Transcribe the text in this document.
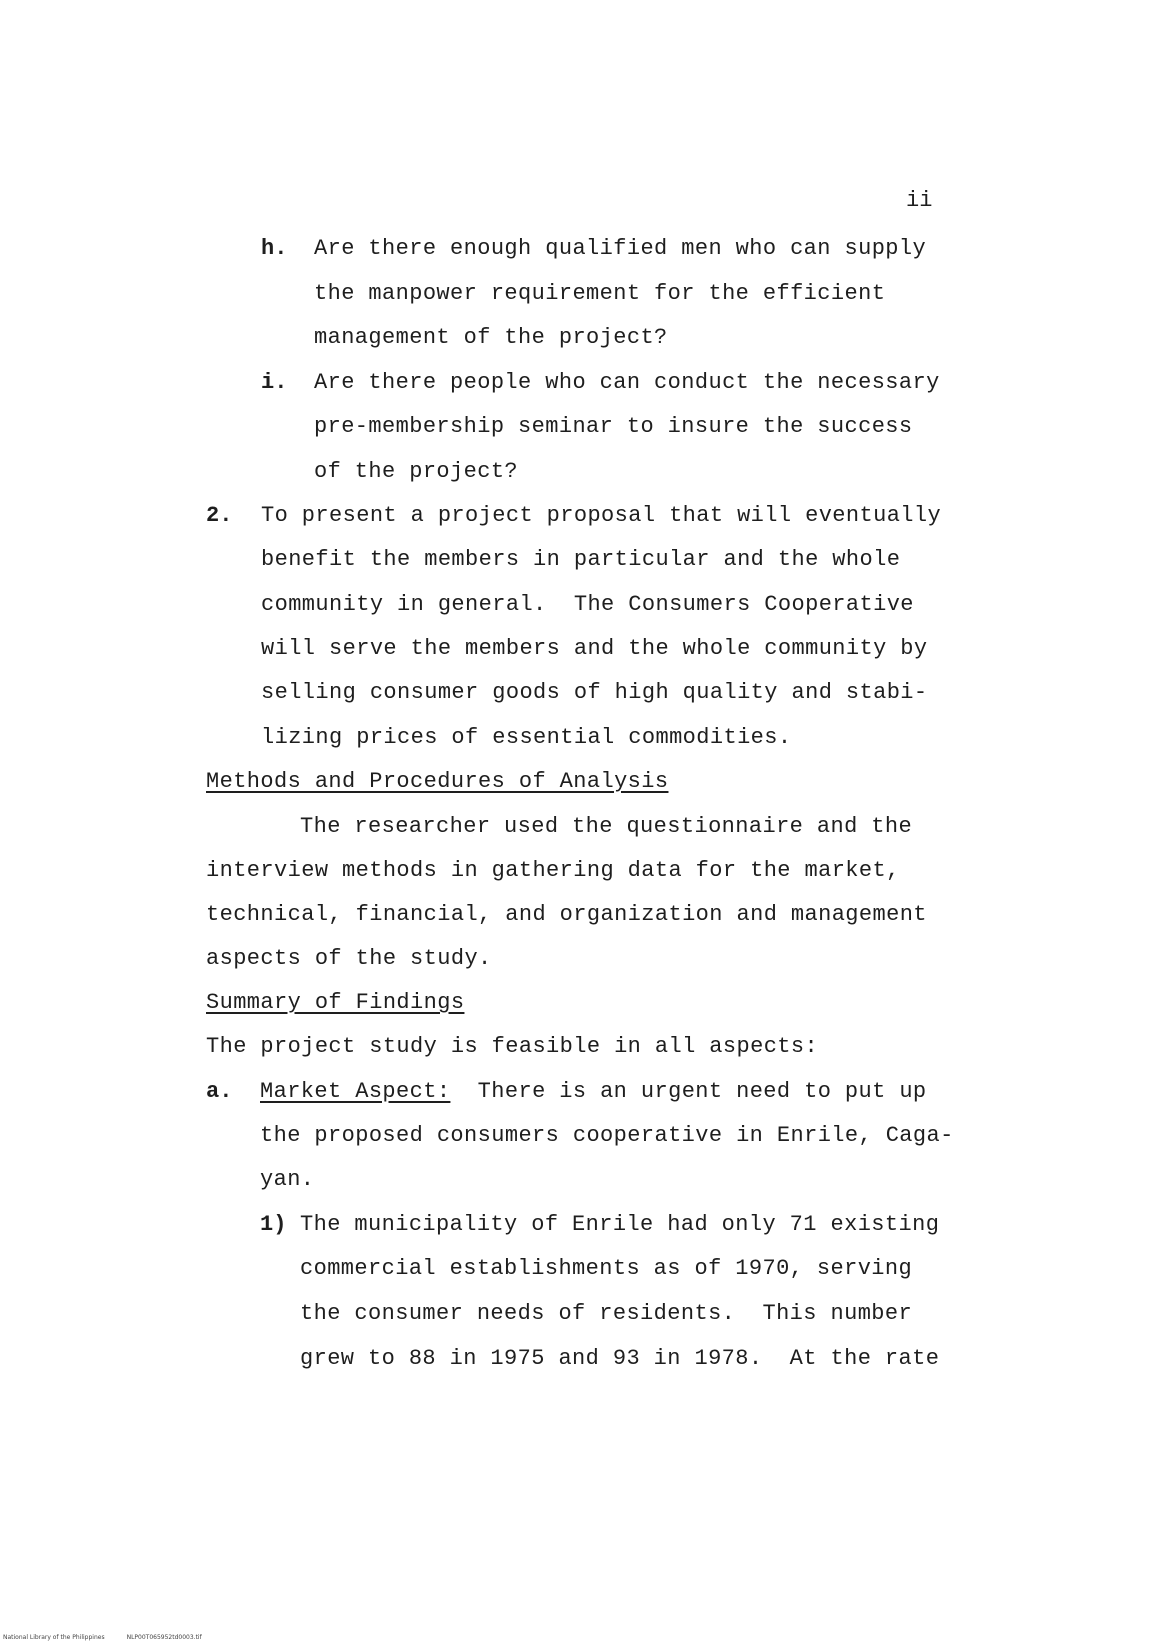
ii
h. Are there enough qualified men who can supply
the manpower requirement for the efficient
management of the project?
i. Are there people who can conduct the necessary
pre-membership seminar to insure the success
of the project?
2. To present a project proposal that will eventually
benefit the members in particular and the whole
community in general.  The Consumers Cooperative
will serve the members and the whole community by
selling consumer goods of high quality and stabi-
lizing prices of essential commodities.
Methods and Procedures of Analysis
The researcher used the questionnaire and the
interview methods in gathering data for the market,
technical, financial, and organization and management
aspects of the study.
Summary of Findings
The project study is feasible in all aspects:
a. Market Aspect: There is an urgent need to put up
the proposed consumers cooperative in Enrile, Caga-
yan.
1) The municipality of Enrile had only 71 existing
commercial establishments as of 1970, serving
the consumer needs of residents.  This number
grew to 88 in 1975 and 93 in 1978.  At the rate
National Library of the Philippines	NLP00T065952td0003.tif
